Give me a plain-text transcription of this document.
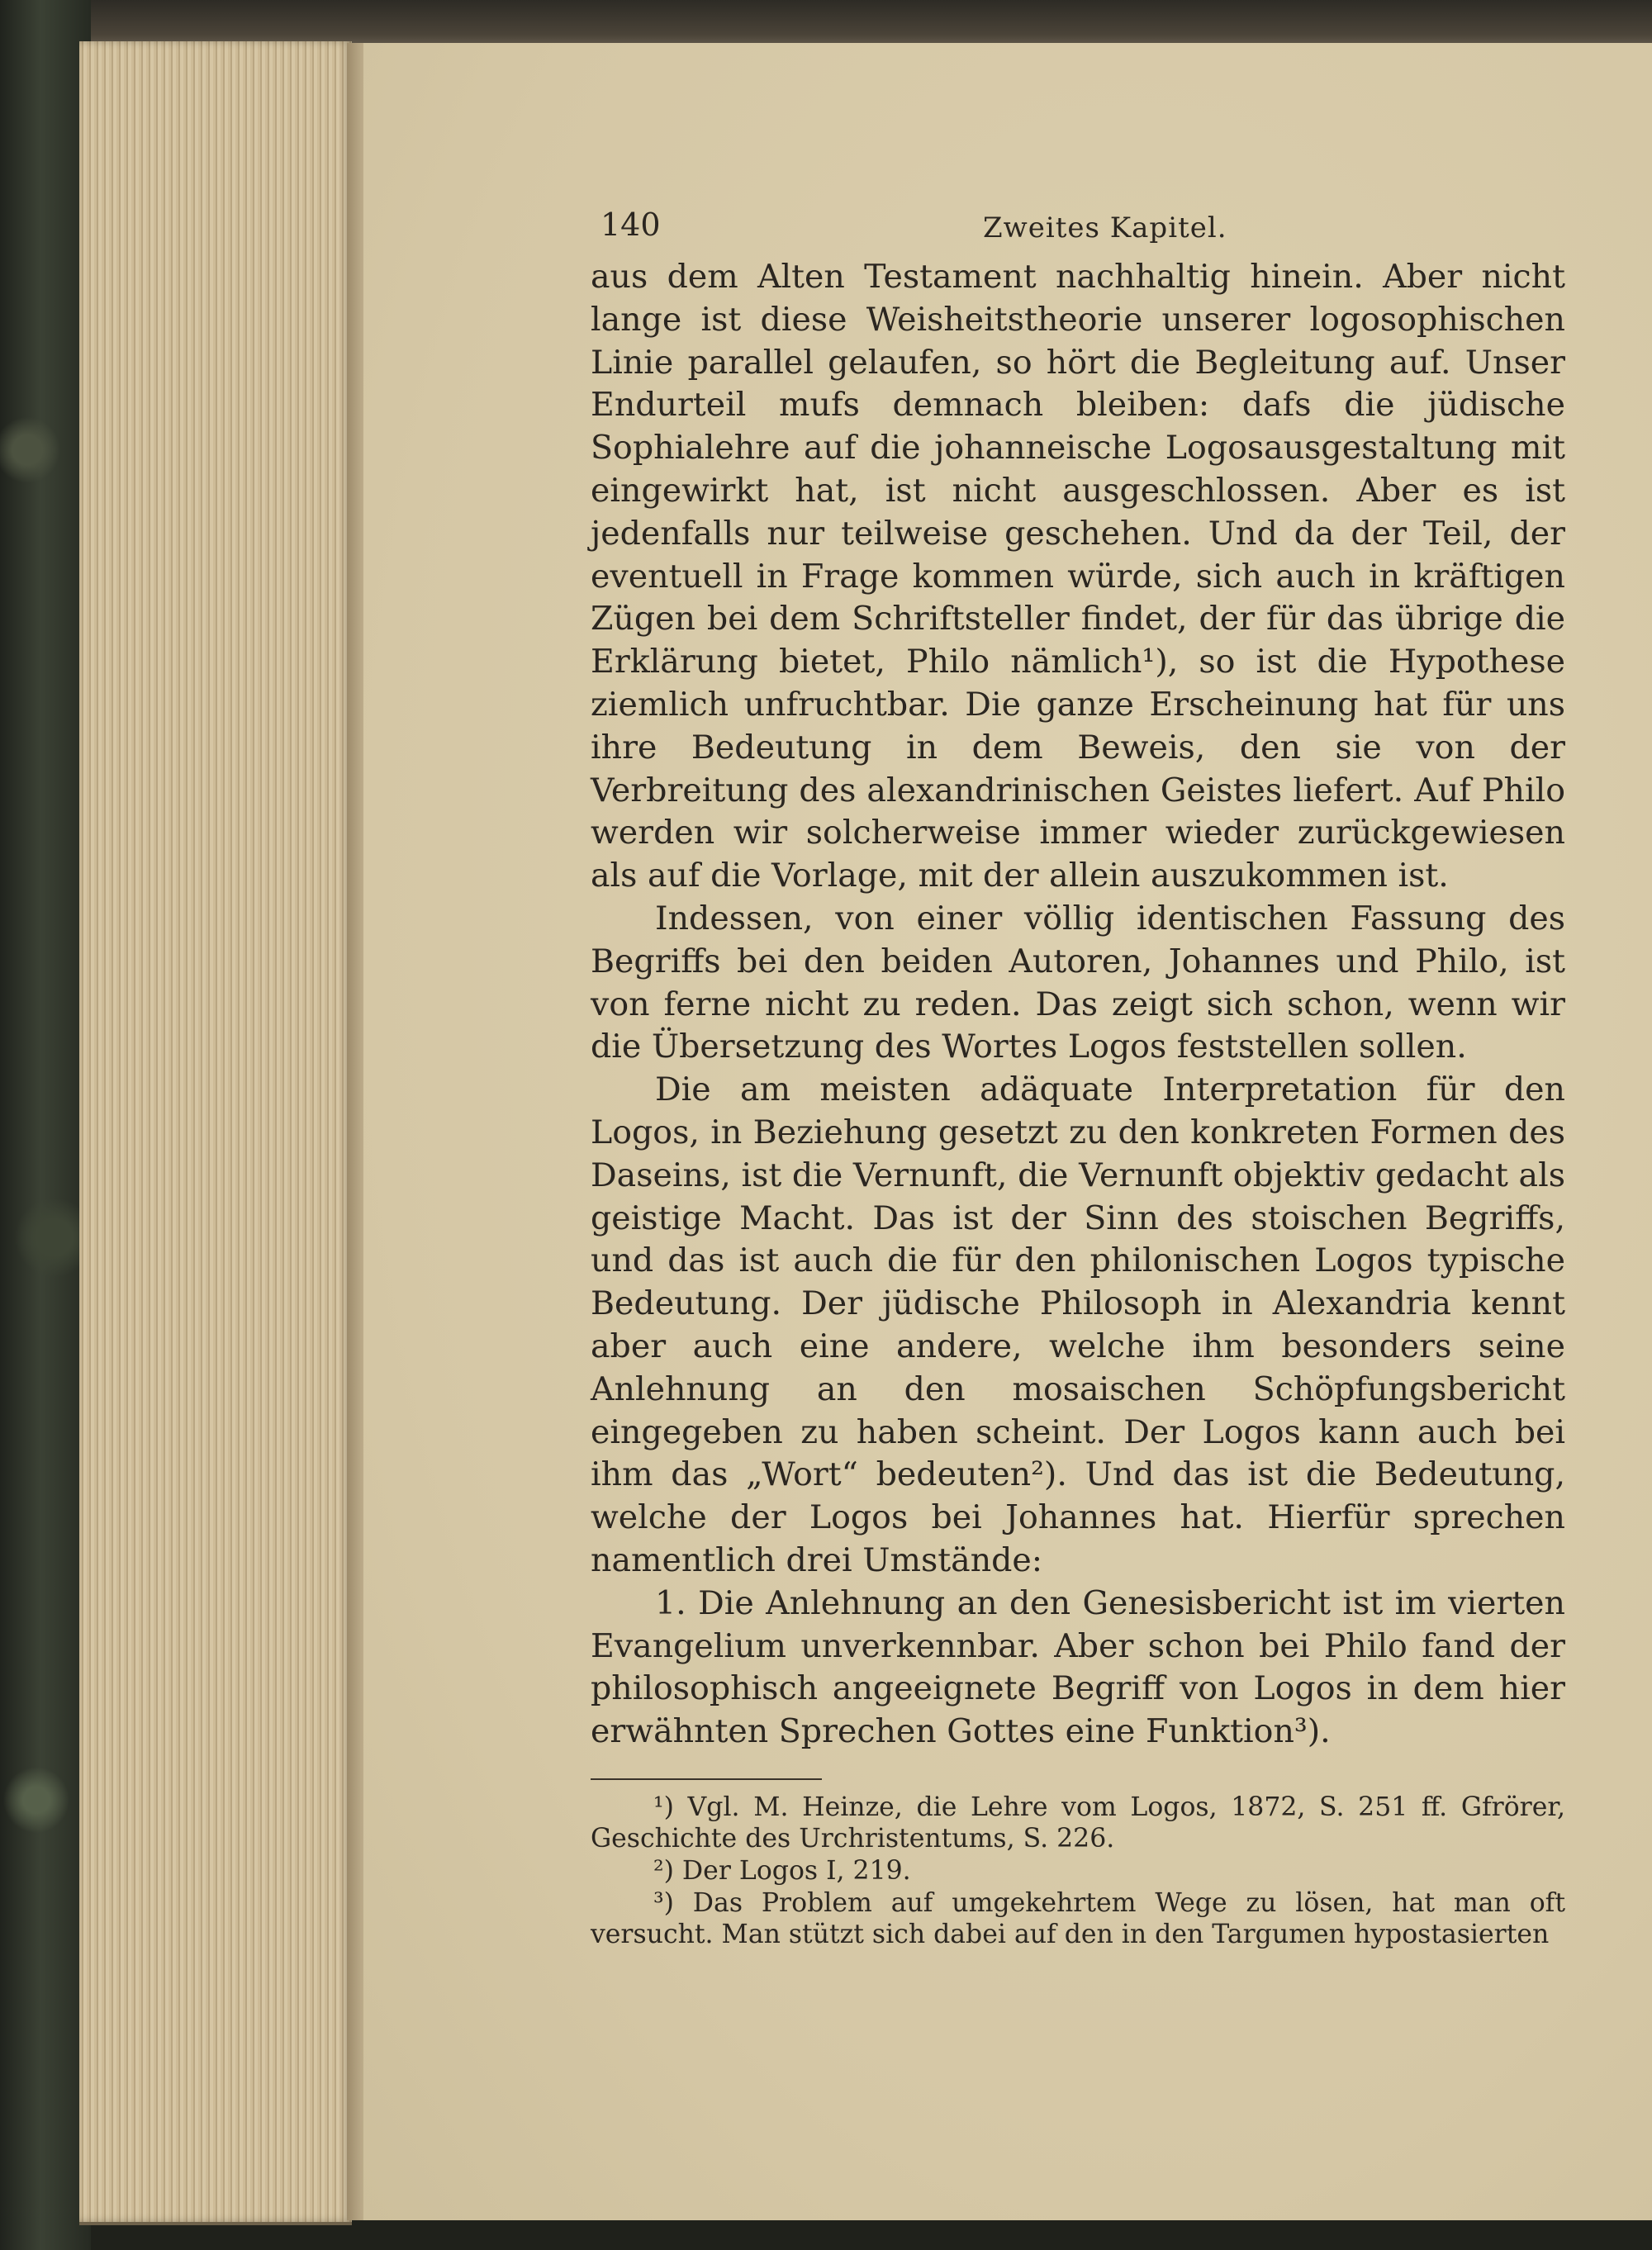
140	Zweites Kapitel.

aus dem Alten Testament nachhaltig hinein. Aber nicht lange ist diese Weisheitstheorie unserer logosophischen Linie parallel gelaufen, so hört die Begleitung auf. Unser Endurteil mufs demnach bleiben: dafs die jüdische Sophialehre auf die johanneische Logosausgestaltung mit eingewirkt hat, ist nicht ausgeschlossen. Aber es ist jedenfalls nur teilweise geschehen. Und da der Teil, der eventuell in Frage kommen würde, sich auch in kräftigen Zügen bei dem Schriftsteller findet, der für das übrige die Erklärung bietet, Philo nämlich¹), so ist die Hypothese ziemlich unfruchtbar. Die ganze Erscheinung hat für uns ihre Bedeutung in dem Beweis, den sie von der Verbreitung des alexandrinischen Geistes liefert. Auf Philo werden wir solcherweise immer wieder zurückgewiesen als auf die Vorlage, mit der allein auszukommen ist.

Indessen, von einer völlig identischen Fassung des Begriffs bei den beiden Autoren, Johannes und Philo, ist von ferne nicht zu reden. Das zeigt sich schon, wenn wir die Übersetzung des Wortes Logos feststellen sollen.

Die am meisten adäquate Interpretation für den Logos, in Beziehung gesetzt zu den konkreten Formen des Daseins, ist die Vernunft, die Vernunft objektiv gedacht als geistige Macht. Das ist der Sinn des stoischen Begriffs, und das ist auch die für den philonischen Logos typische Bedeutung. Der jüdische Philosoph in Alexandria kennt aber auch eine andere, welche ihm besonders seine Anlehnung an den mosaischen Schöpfungsbericht eingegeben zu haben scheint. Der Logos kann auch bei ihm das „Wort“ bedeuten²). Und das ist die Bedeutung, welche der Logos bei Johannes hat. Hierfür sprechen namentlich drei Umstände:

1. Die Anlehnung an den Genesisbericht ist im vierten Evangelium unverkennbar. Aber schon bei Philo fand der philosophisch angeeignete Begriff von Logos in dem hier erwähnten Sprechen Gottes eine Funktion³).

¹) Vgl. M. Heinze, die Lehre vom Logos, 1872, S. 251 ff. Gfrörer, Geschichte des Urchristentums, S. 226.

²) Der Logos I, 219.

³) Das Problem auf umgekehrtem Wege zu lösen, hat man oft versucht. Man stützt sich dabei auf den in den Targumen hypostasierten
